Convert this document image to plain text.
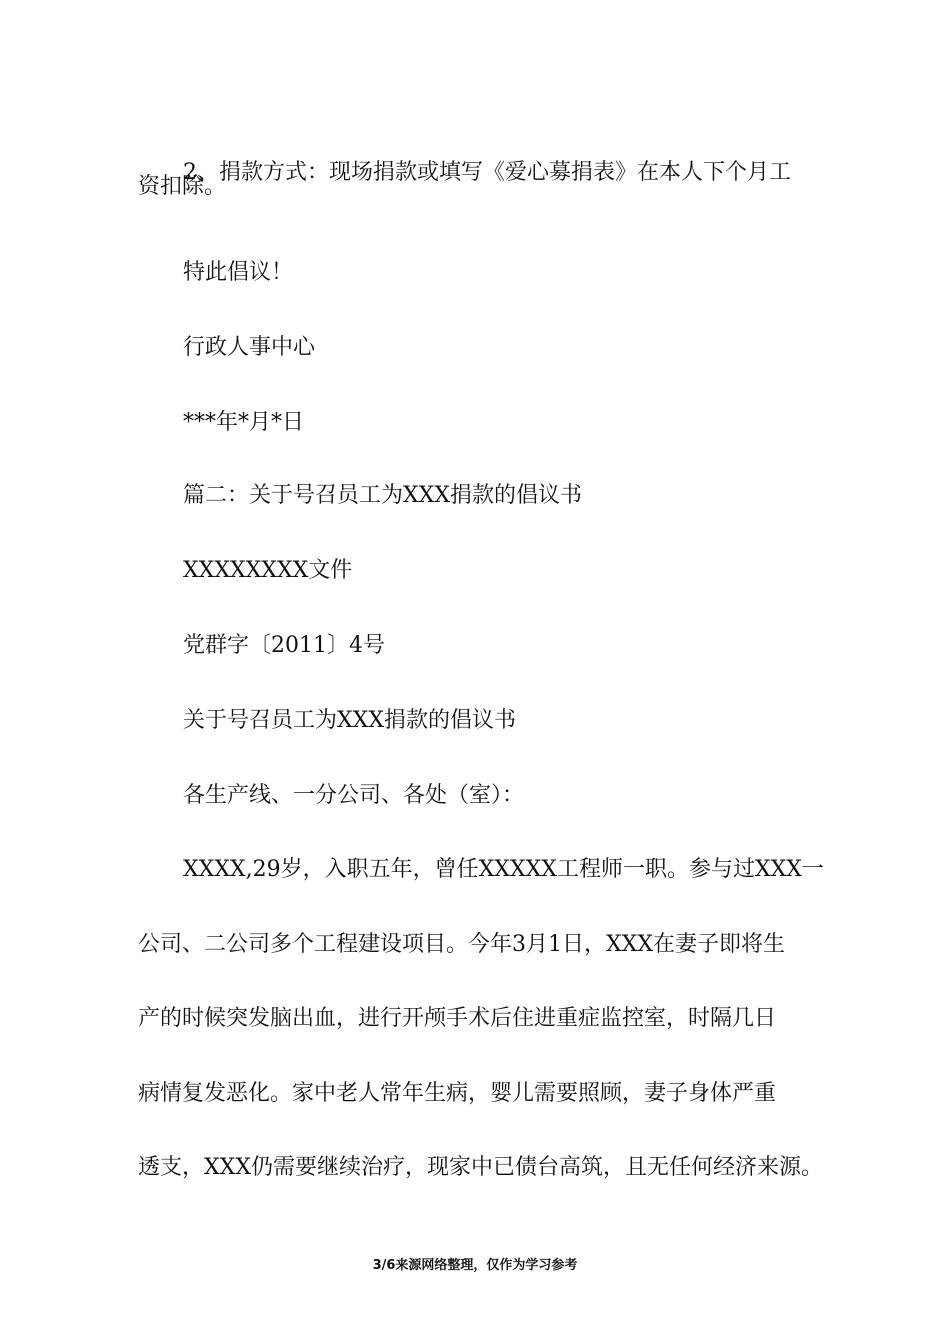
2、捐款方式：现场捐款或填写《爱心募捐表》在本人下个月工
资扣除。
特此倡议！
行政人事中心
***年*月*日
篇二：关于号召员工为XXX捐款的倡议书
XXXXXXXX文件
党群字〔2011〕4号
关于号召员工为XXX捐款的倡议书
各生产线、一分公司、各处（室）：
XXXX,29岁，入职五年，曾任XXXXX工程师一职。参与过XXX一
公司、二公司多个工程建设项目。今年3月1日，XXX在妻子即将生
产的时候突发脑出血，进行开颅手术后住进重症监控室，时隔几日
病情复发恶化。家中老人常年生病，婴儿需要照顾，妻子身体严重
透支，XXX仍需要继续治疗，现家中已债台高筑，且无任何经济来源。
3/6来源网络整理，仅作为学习参考
